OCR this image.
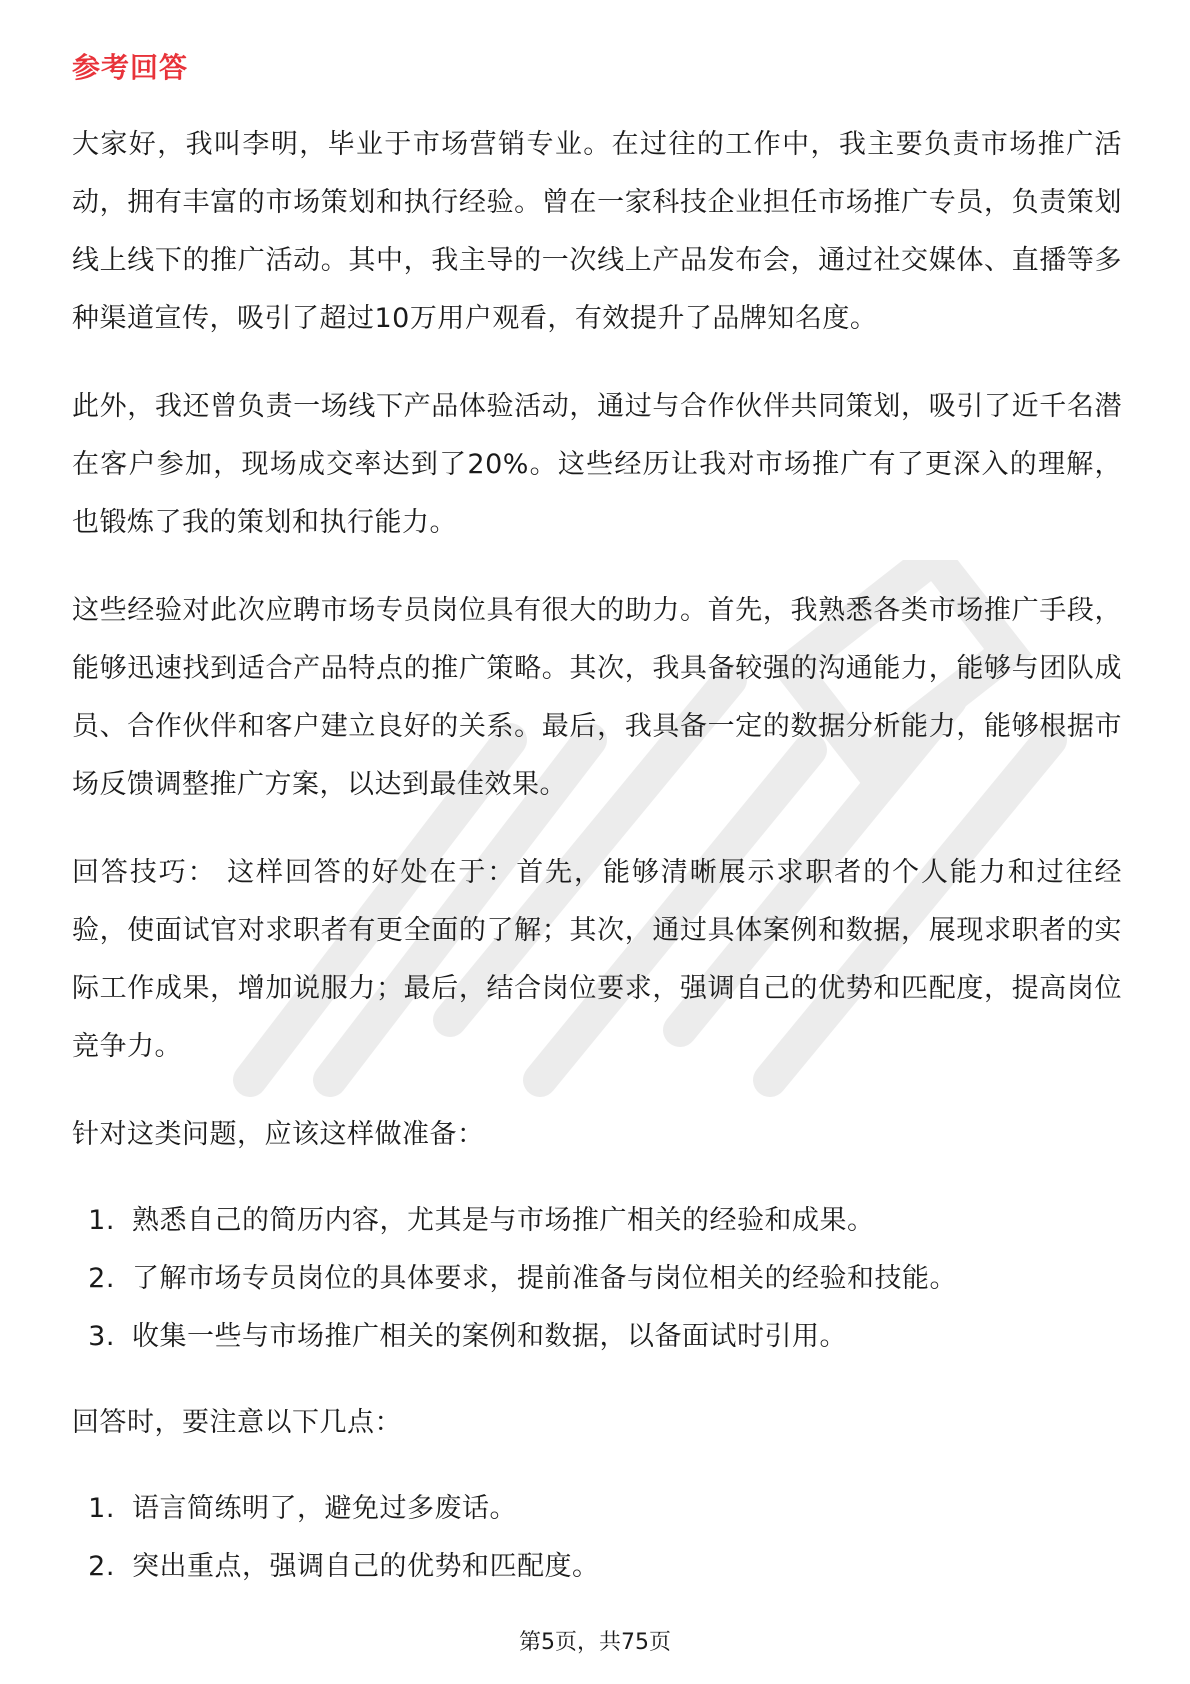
参考回答

大家好，我叫李明，毕业于市场营销专业。在过往的工作中，我主要负责市场推广活动，拥有丰富的市场策划和执行经验。曾在一家科技企业担任市场推广专员，负责策划线上线下的推广活动。其中，我主导的一次线上产品发布会，通过社交媒体、直播等多种渠道宣传，吸引了超过10万用户观看，有效提升了品牌知名度。

此外，我还曾负责一场线下产品体验活动，通过与合作伙伴共同策划，吸引了近千名潜在客户参加，现场成交率达到了20%。这些经历让我对市场推广有了更深入的理解，也锻炼了我的策划和执行能力。

这些经验对此次应聘市场专员岗位具有很大的助力。首先，我熟悉各类市场推广手段，能够迅速找到适合产品特点的推广策略。其次，我具备较强的沟通能力，能够与团队成员、合作伙伴和客户建立良好的关系。最后，我具备一定的数据分析能力，能够根据市场反馈调整推广方案，以达到最佳效果。

回答技巧： 这样回答的好处在于：首先，能够清晰展示求职者的个人能力和过往经验，使面试官对求职者有更全面的了解；其次，通过具体案例和数据，展现求职者的实际工作成果，增加说服力；最后，结合岗位要求，强调自己的优势和匹配度，提高岗位竞争力。

针对这类问题，应该这样做准备：

1. 熟悉自己的简历内容，尤其是与市场推广相关的经验和成果。
2. 了解市场专员岗位的具体要求，提前准备与岗位相关的经验和技能。
3. 收集一些与市场推广相关的案例和数据，以备面试时引用。

回答时，要注意以下几点：

1. 语言简练明了，避免过多废话。
2. 突出重点，强调自己的优势和匹配度。
第5页，共75页
